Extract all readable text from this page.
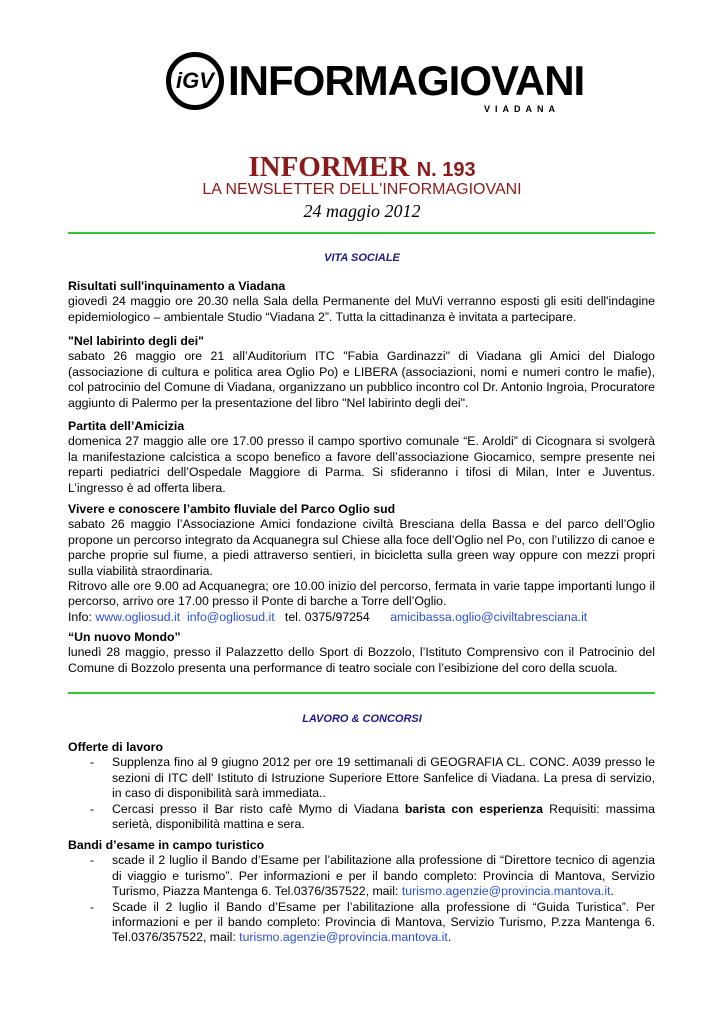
iGV INFORMAGIOVANI
VIADANA
INFORMER N. 193
LA NEWSLETTER DELL'INFORMAGIOVANI
24 maggio 2012
VITA SOCIALE
Risultati sull'inquinamento a Viadana

giovedì 24 maggio ore 20.30 nella Sala della Permanente del MuVi verranno esposti gli esiti dell'indagine epidemiologico – ambientale Studio “Viadana 2”. Tutta la cittadinanza è invitata a partecipare.

"Nel labirinto degli dei"

sabato 26 maggio ore 21 all’Auditorium ITC "Fabia Gardinazzi" di Viadana gli Amici del Dialogo (associazione di cultura e politica area Oglio Po) e LIBERA (associazioni, nomi e numeri contro le mafie), col patrocinio del Comune di Viadana, organizzano un pubblico incontro col Dr. Antonio Ingroia, Procuratore aggiunto di Palermo per la presentazione del libro "Nel labirinto degli dei".

Partita dell’Amicizia

domenica 27 maggio alle ore 17.00 presso il campo sportivo comunale “E. Aroldi” di Cicognara si svolgerà la manifestazione calcistica a scopo benefico a favore dell’associazione Giocamico, sempre presente nei reparti pediatrici dell’Ospedale Maggiore di Parma. Si sfideranno i tifosi di Milan, Inter e Juventus. L’ingresso è ad offerta libera.

Vivere e conoscere l’ambito fluviale del Parco Oglio sud

sabato 26 maggio l’Associazione Amici fondazione civiltà Bresciana della Bassa e del parco dell’Oglio propone un percorso integrato da Acquanegra sul Chiese alla foce dell’Oglio nel Po, con l’utilizzo di canoe e parche proprie sul fiume, a piedi attraverso sentieri, in bicicletta sulla green way oppure con mezzi propri sulla viabilità straordinaria.

Ritrovo alle ore 9.00 ad Acquanegra; ore 10.00 inizio del percorso, fermata in varie tappe importanti lungo il percorso, arrivo ore 17.00 presso il Ponte di barche a Torre dell’Oglio.

Info: www.ogliosud.it info@ogliosud.it tel. 0375/97254 amicibassa.oglio@civiltabresciana.it

“Un nuovo Mondo”

lunedì 28 maggio, presso il Palazzetto dello Sport di Bozzolo, l’Istituto Comprensivo con il Patrocinio del Comune di Bozzolo presenta una performance di teatro sociale con l’esibizione del coro della scuola.

LAVORO & CONCORSI
Offerte di lavoro
- Supplenza fino al 9 giugno 2012 per ore 19 settimanali di GEOGRAFIA CL. CONC. A039 presso le sezioni di ITC dell' Istituto di Istruzione Superiore Ettore Sanfelice di Viadana. La presa di servizio, in caso di disponibilità sarà immediata..
- Cercasi presso il Bar risto cafè Mymo di Viadana barista con esperienza Requisiti: massima serietà, disponibilità mattina e sera.
Bandi d’esame in campo turistico
- scade il 2 luglio il Bando d’Esame per l’abilitazione alla professione di “Direttore tecnico di agenzia di viaggio e turismo”. Per informazioni e per il bando completo: Provincia di Mantova, Servizio Turismo, Piazza Mantenga 6. Tel.0376/357522, mail: turismo.agenzie@provincia.mantova.it.
- Scade il 2 luglio il Bando d’Esame per l’abilitazione alla professione di “Guida Turistica”. Per informazioni e per il bando completo: Provincia di Mantova, Servizio Turismo, P.zza Mantenga 6. Tel.0376/357522, mail: turismo.agenzie@provincia.mantova.it.
